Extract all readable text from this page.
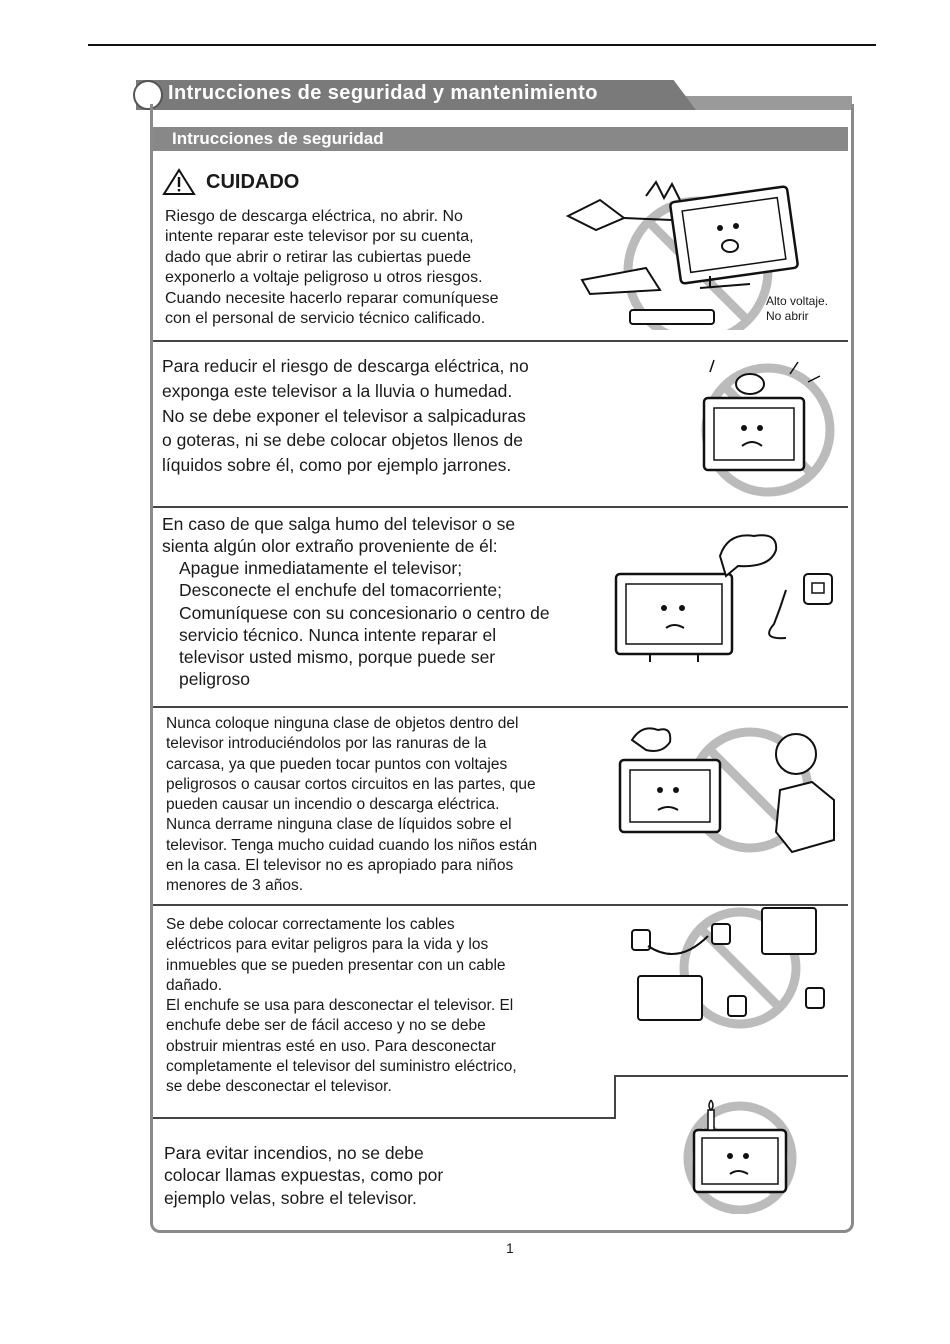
Intrucciones de seguridad y mantenimiento
Intrucciones de seguridad
CUIDADO
Riesgo de descarga eléctrica, no abrir. No
intente reparar este televisor por su cuenta,
dado que abrir o retirar las cubiertas puede
exponerlo a voltaje peligroso u otros riesgos.
Cuando necesite hacerlo reparar comuníquese
con el personal de servicio técnico calificado.
Alto voltaje.
No abrir
Para reducir el riesgo de descarga eléctrica, no
exponga este televisor a la lluvia o humedad.
No se debe exponer el televisor a salpicaduras
o goteras, ni se debe colocar objetos llenos de
líquidos sobre él, como por ejemplo jarrones.
En caso de que salga humo del televisor o se
sienta algún olor extraño proveniente de él:
Apague inmediatamente el televisor;
Desconecte el enchufe del tomacorriente;
Comuníquese con su concesionario o centro de
servicio técnico. Nunca intente reparar el
televisor usted mismo, porque puede ser
peligroso
Nunca coloque ninguna clase de objetos dentro del
televisor introduciéndolos por las ranuras de la
carcasa, ya que pueden tocar puntos con voltajes
peligrosos o causar cortos circuitos en las partes, que
pueden causar un incendio o descarga eléctrica.
Nunca derrame ninguna clase de líquidos sobre el
televisor. Tenga mucho cuidad cuando los niños están
en la casa. El televisor no es apropiado para niños
menores de 3 años.
Se debe colocar correctamente los cables
eléctricos para evitar peligros para la vida y los
inmuebles que se pueden presentar con un cable
dañado.
El enchufe se usa para desconectar el televisor. El
enchufe debe ser de fácil acceso y no se debe
obstruir mientras esté en uso. Para desconectar
completamente el televisor del suministro eléctrico,
se debe desconectar el televisor.
Para evitar incendios, no se debe
colocar llamas expuestas, como por
ejemplo velas, sobre el televisor.
1
